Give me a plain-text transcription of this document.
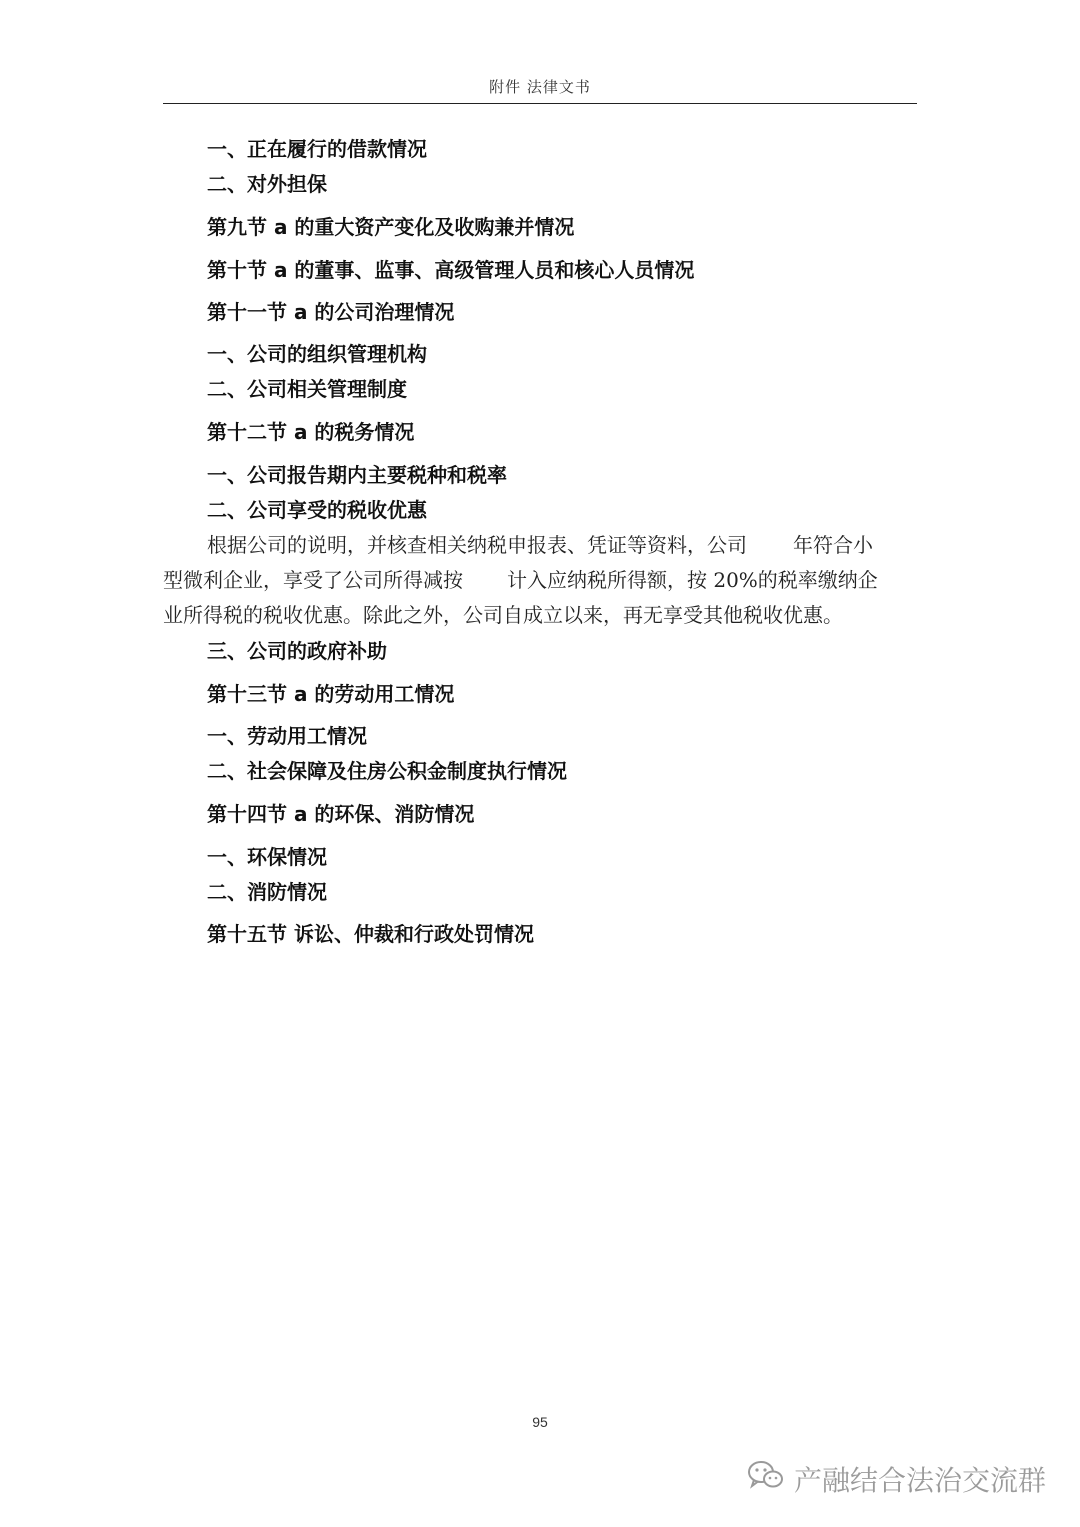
附件 法律文书
一、正在履行的借款情况
二、对外担保
第九节 a 的重大资产变化及收购兼并情况
第十节 a 的董事、监事、高级管理人员和核心人员情况
第十一节 a 的公司治理情况
一、公司的组织管理机构
二、公司相关管理制度
第十二节 a 的税务情况
一、公司报告期内主要税种和税率
二、公司享受的税收优惠
根据公司的说明，并核查相关纳税申报表、凭证等资料，公司 年符合小
型微利企业，享受了公司所得减按 计入应纳税所得额，按 20%的税率缴纳企
业所得税的税收优惠。除此之外，公司自成立以来，再无享受其他税收优惠。
三、公司的政府补助
第十三节 a 的劳动用工情况
一、劳动用工情况
二、社会保障及住房公积金制度执行情况
第十四节 a 的环保、消防情况
一、环保情况
二、消防情况
第十五节 诉讼、仲裁和行政处罚情况
95
产融结合法治交流群
